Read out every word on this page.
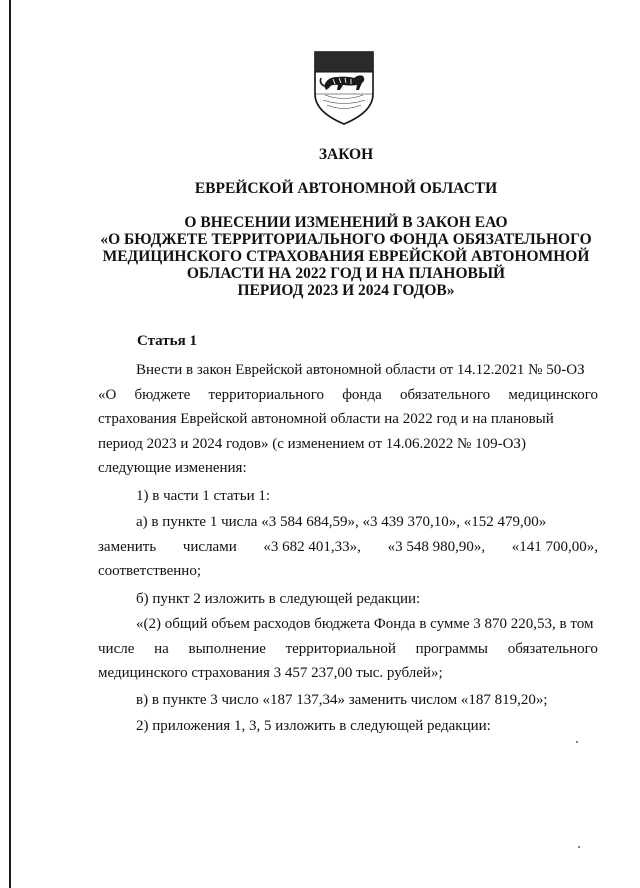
ЗАКОН
ЕВРЕЙСКОЙ АВТОНОМНОЙ ОБЛАСТИ
О ВНЕСЕНИИ ИЗМЕНЕНИЙ В ЗАКОН ЕАО
«О БЮДЖЕТЕ ТЕРРИТОРИАЛЬНОГО ФОНДА ОБЯЗАТЕЛЬНОГО
МЕДИЦИНСКОГО СТРАХОВАНИЯ ЕВРЕЙСКОЙ АВТОНОМНОЙ
ОБЛАСТИ НА 2022 ГОД И НА ПЛАНОВЫЙ
ПЕРИОД 2023 И 2024 ГОДОВ»

Статья 1

Внести в закон Еврейской автономной области от 14.12.2021 № 50-ОЗ
«О бюджете территориального фонда обязательного медицинского
страхования Еврейской автономной области на 2022 год и на плановый
период 2023 и 2024 годов» (с изменением от 14.06.2022 № 109-ОЗ)
следующие изменения:
1) в части 1 статьи 1:
а) в пункте 1 числа «3 584 684,59», «3 439 370,10», «152 479,00»
заменить числами «3 682 401,33», «3 548 980,90», «141 700,00»,
соответственно;
б) пункт 2 изложить в следующей редакции:
«(2) общий объем расходов бюджета Фонда в сумме 3 870 220,53, в том
числе на выполнение территориальной программы обязательного
медицинского страхования 3 457 237,00 тыс. рублей»;
в) в пункте 3 число «187 137,34» заменить числом «187 819,20»;
2) приложения 1, 3, 5 изложить в следующей редакции:
